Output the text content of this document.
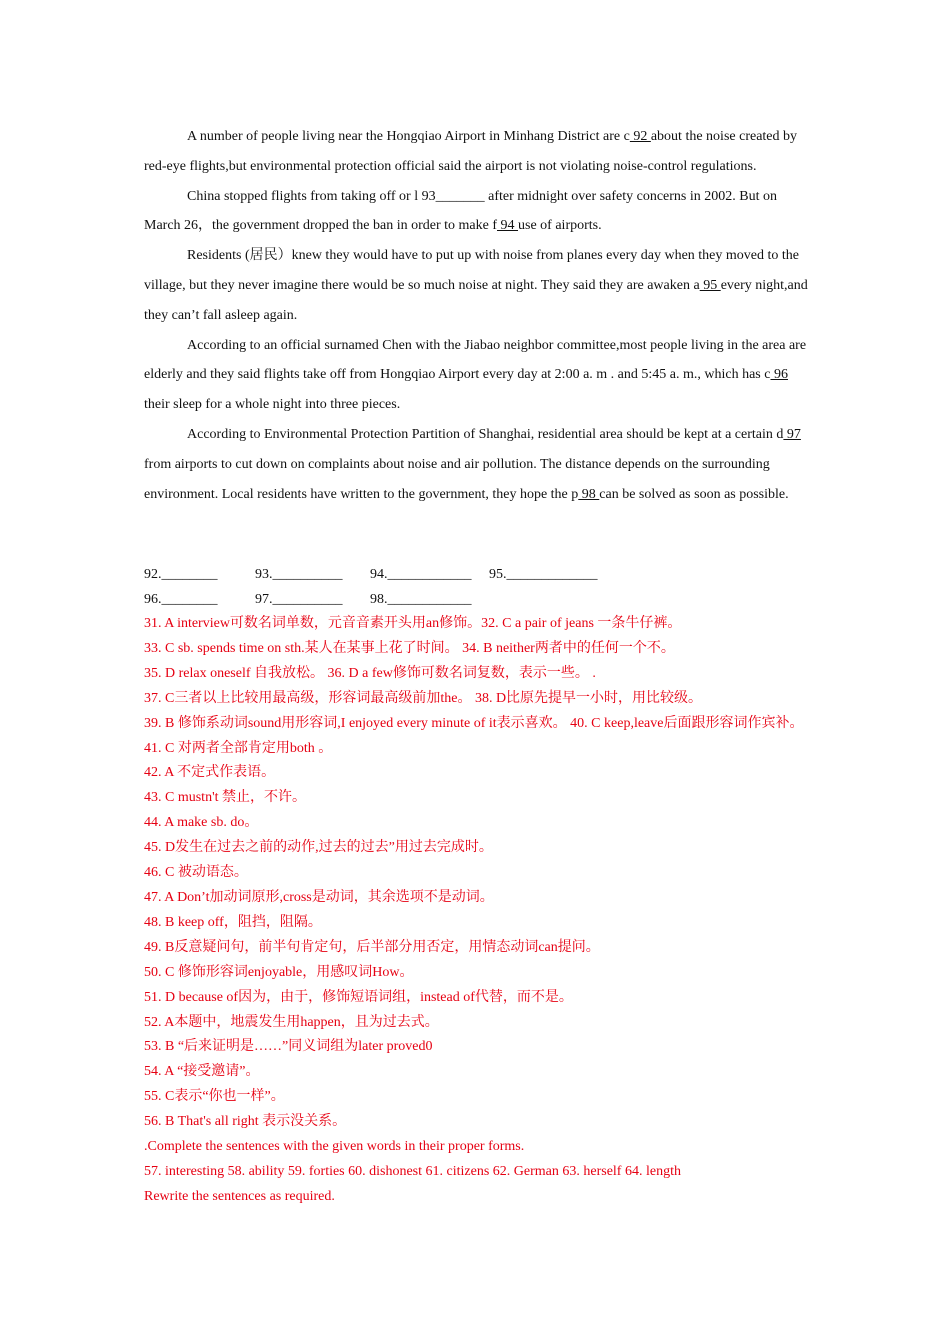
A number of people living near the Hongqiao Airport in Minhang District are c 92 about the noise created by red-eye flights,but environmental protection official said the airport is not violating noise-control regulations.

China stopped flights from taking off or l 93_______ after midnight over safety concerns in 2002. But on March 26，the government dropped the ban in order to make f 94 use of airports.

Residents (居民）knew they would have to put up with noise from planes every day when they moved to the village, but they never imagine there would be so much noise at night. They said they are awaken a 95 every night,and they can’t fall asleep again.

According to an official surnamed Chen with the Jiabao neighbor committee,most people living in the area are elderly and they said flights take off from Hongqiao Airport every day at 2:00 a. m . and 5:45 a. m., which has c 96 their sleep for a whole night into three pieces.

According to Environmental Protection Partition of Shanghai, residential area should be kept at a certain d 97 from airports to cut down on complaints about noise and air pollution. The distance depends on the surrounding environment. Local residents have written to the government, they hope the p 98 can be solved as soon as possible.

92.________	93.__________	94.____________	95._____________
96.________	97.__________	98.____________
31. A interview可数名词单数，元音音素开头用an修饰。32. C a pair of jeans 一条牛仔裤。
33. C sb. spends time on sth.某人在某事上花了时间。 34. B neither两者中的任何一个不。
35. D relax oneself 自我放松。 36. D a few修饰可数名词复数，表示一些。 .
37. C三者以上比较用最高级，形容词最高级前加the。 38. D比原先提早一小时，用比较级。
39. B 修饰系动词sound用形容词,I enjoyed every minute of it表示喜欢。 40. C keep,leave后面跟形容词作宾补。
41. C 对两者全部肯定用both 。
42. A 不定式作表语。
43. C mustn't 禁止，不许。
44. A make sb. do。
45. D发生在过去之前的动作,过去的过去”用过去完成时。
46. C 被动语态。
47. A Don’t加动词原形,cross是动词，其余选项不是动词。
48. B keep off，阻挡，阻隔。
49. B反意疑问句，前半句肯定句，后半部分用否定，用情态动词can提问。
50. C 修饰形容词enjoyable，用感叹词How。
51. D because of因为，由于，修饰短语词组，instead of代替，而不是。
52. A本题中，地震发生用happen，且为过去式。
53. B “后来证明是……”同义词组为later proved0
54. A “接受邀请”。
55. C表示“你也一样”。
56. B That's all right 表示没关系。
.Complete the sentences with the given words in their proper forms.
57. interesting 58. ability 59. forties 60. dishonest 61. citizens 62. German 63. herself 64. length
Rewrite the sentences as required.
